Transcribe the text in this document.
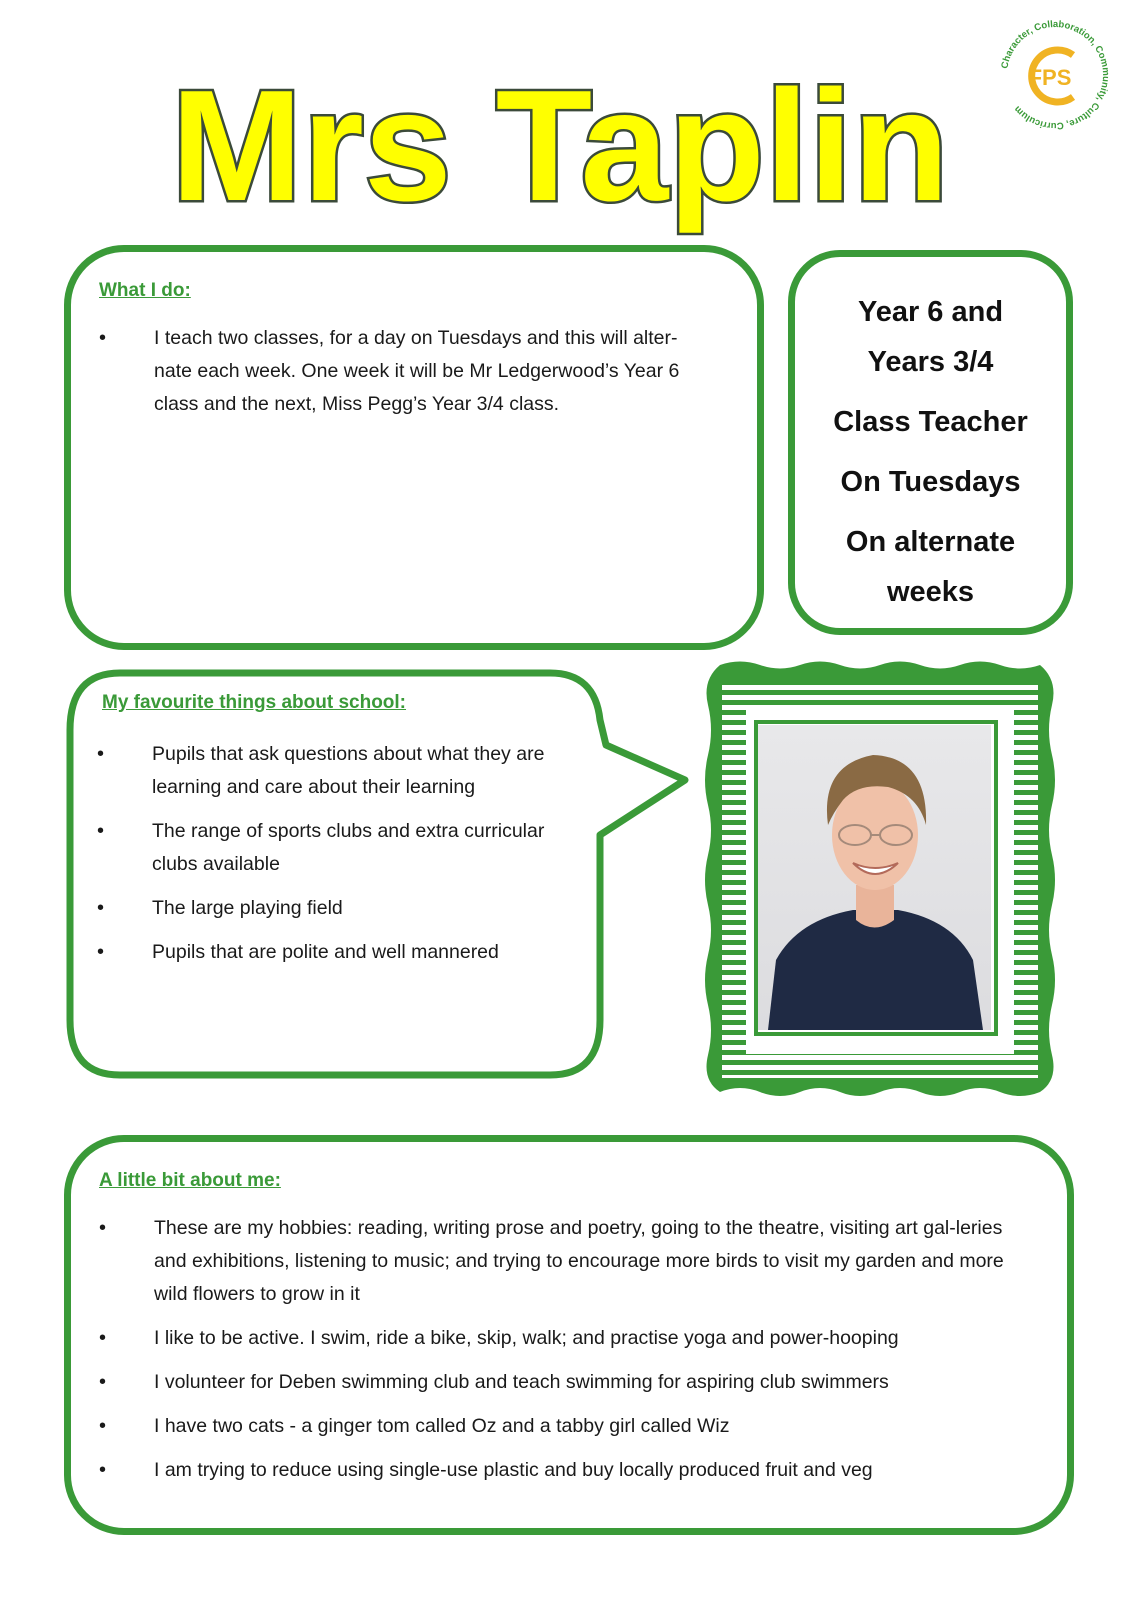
Mrs Taplin	Character, Collaboration, Community, Culture, Curriculum
FPS
What I do:
• I teach two classes, for a day on Tuesdays and this will alter-nate each week. One week it will be Mr Ledgerwood’s Year 6 class and the next, Miss Pegg’s Year 3/4 class.
Year 6 and
Years 3/4
Class Teacher
On Tuesdays
On alternate
weeks
My favourite things about school:
• Pupils that ask questions about what they are learning and care about their learning
• The range of sports clubs and extra curricular clubs available
• The large playing field
• Pupils that are polite and well mannered
A little bit about me:
• These are my hobbies: reading, writing prose and poetry, going to the theatre, visiting art gal-leries and exhibitions, listening to music; and trying to encourage more birds to visit my garden and more wild flowers to grow in it
• I like to be active. I swim, ride a bike, skip, walk; and practise yoga and power-hooping
• I volunteer for Deben swimming club and teach swimming for aspiring club swimmers
• I have two cats - a ginger tom called Oz and a tabby girl called Wiz
• I am trying to reduce using single-use plastic and buy locally produced fruit and veg
